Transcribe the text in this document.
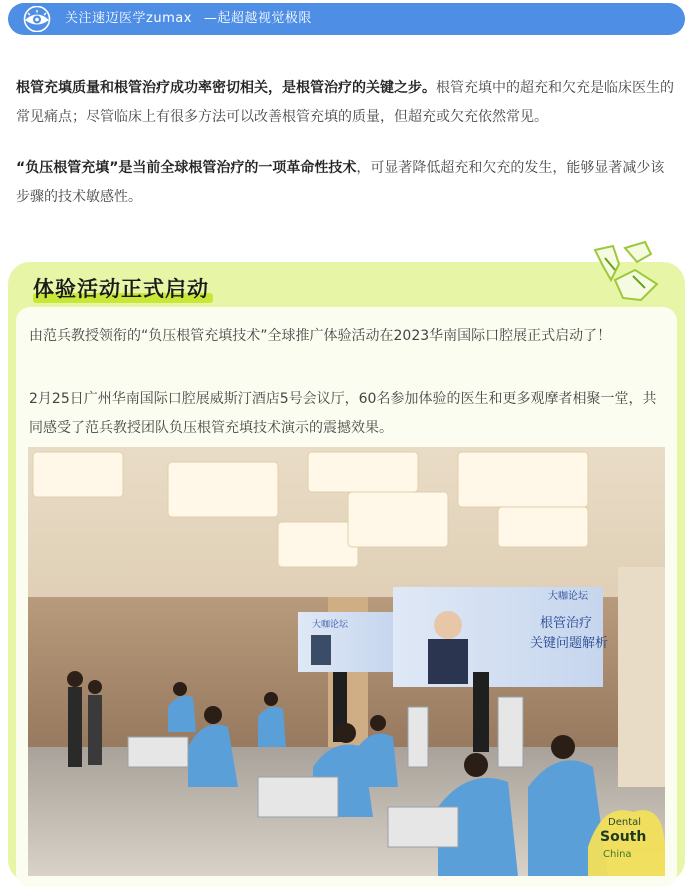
关注速迈医学zumax —起超越视觉极限
根管充填质量和根管治疗成功率密切相关，是根管治疗的关键之步。根管充填中的超充和欠充是临床医生的常见痛点；尽管临床上有很多方法可以改善根管充填的质量，但超充或欠充依然常见。
“负压根管充填”是当前全球根管治疗的一项革命性技术，可显著降低超充和欠充的发生，能够显著减少该步骤的技术敏感性。
体验活动正式启动
由范兵教授领衔的“负压根管充填技术”全球推广体验活动在2023华南国际口腔展正式启动了！
2月25日广州华南国际口腔展威斯汀酒店5号会议厅，60名参加体验的医生和更多观摩者相聚一堂，共同感受了范兵教授团队负压根管充填技术演示的震撼效果。
大咖论坛	根管治疗
关键问题解析
大咖论坛
Dental
South
China
